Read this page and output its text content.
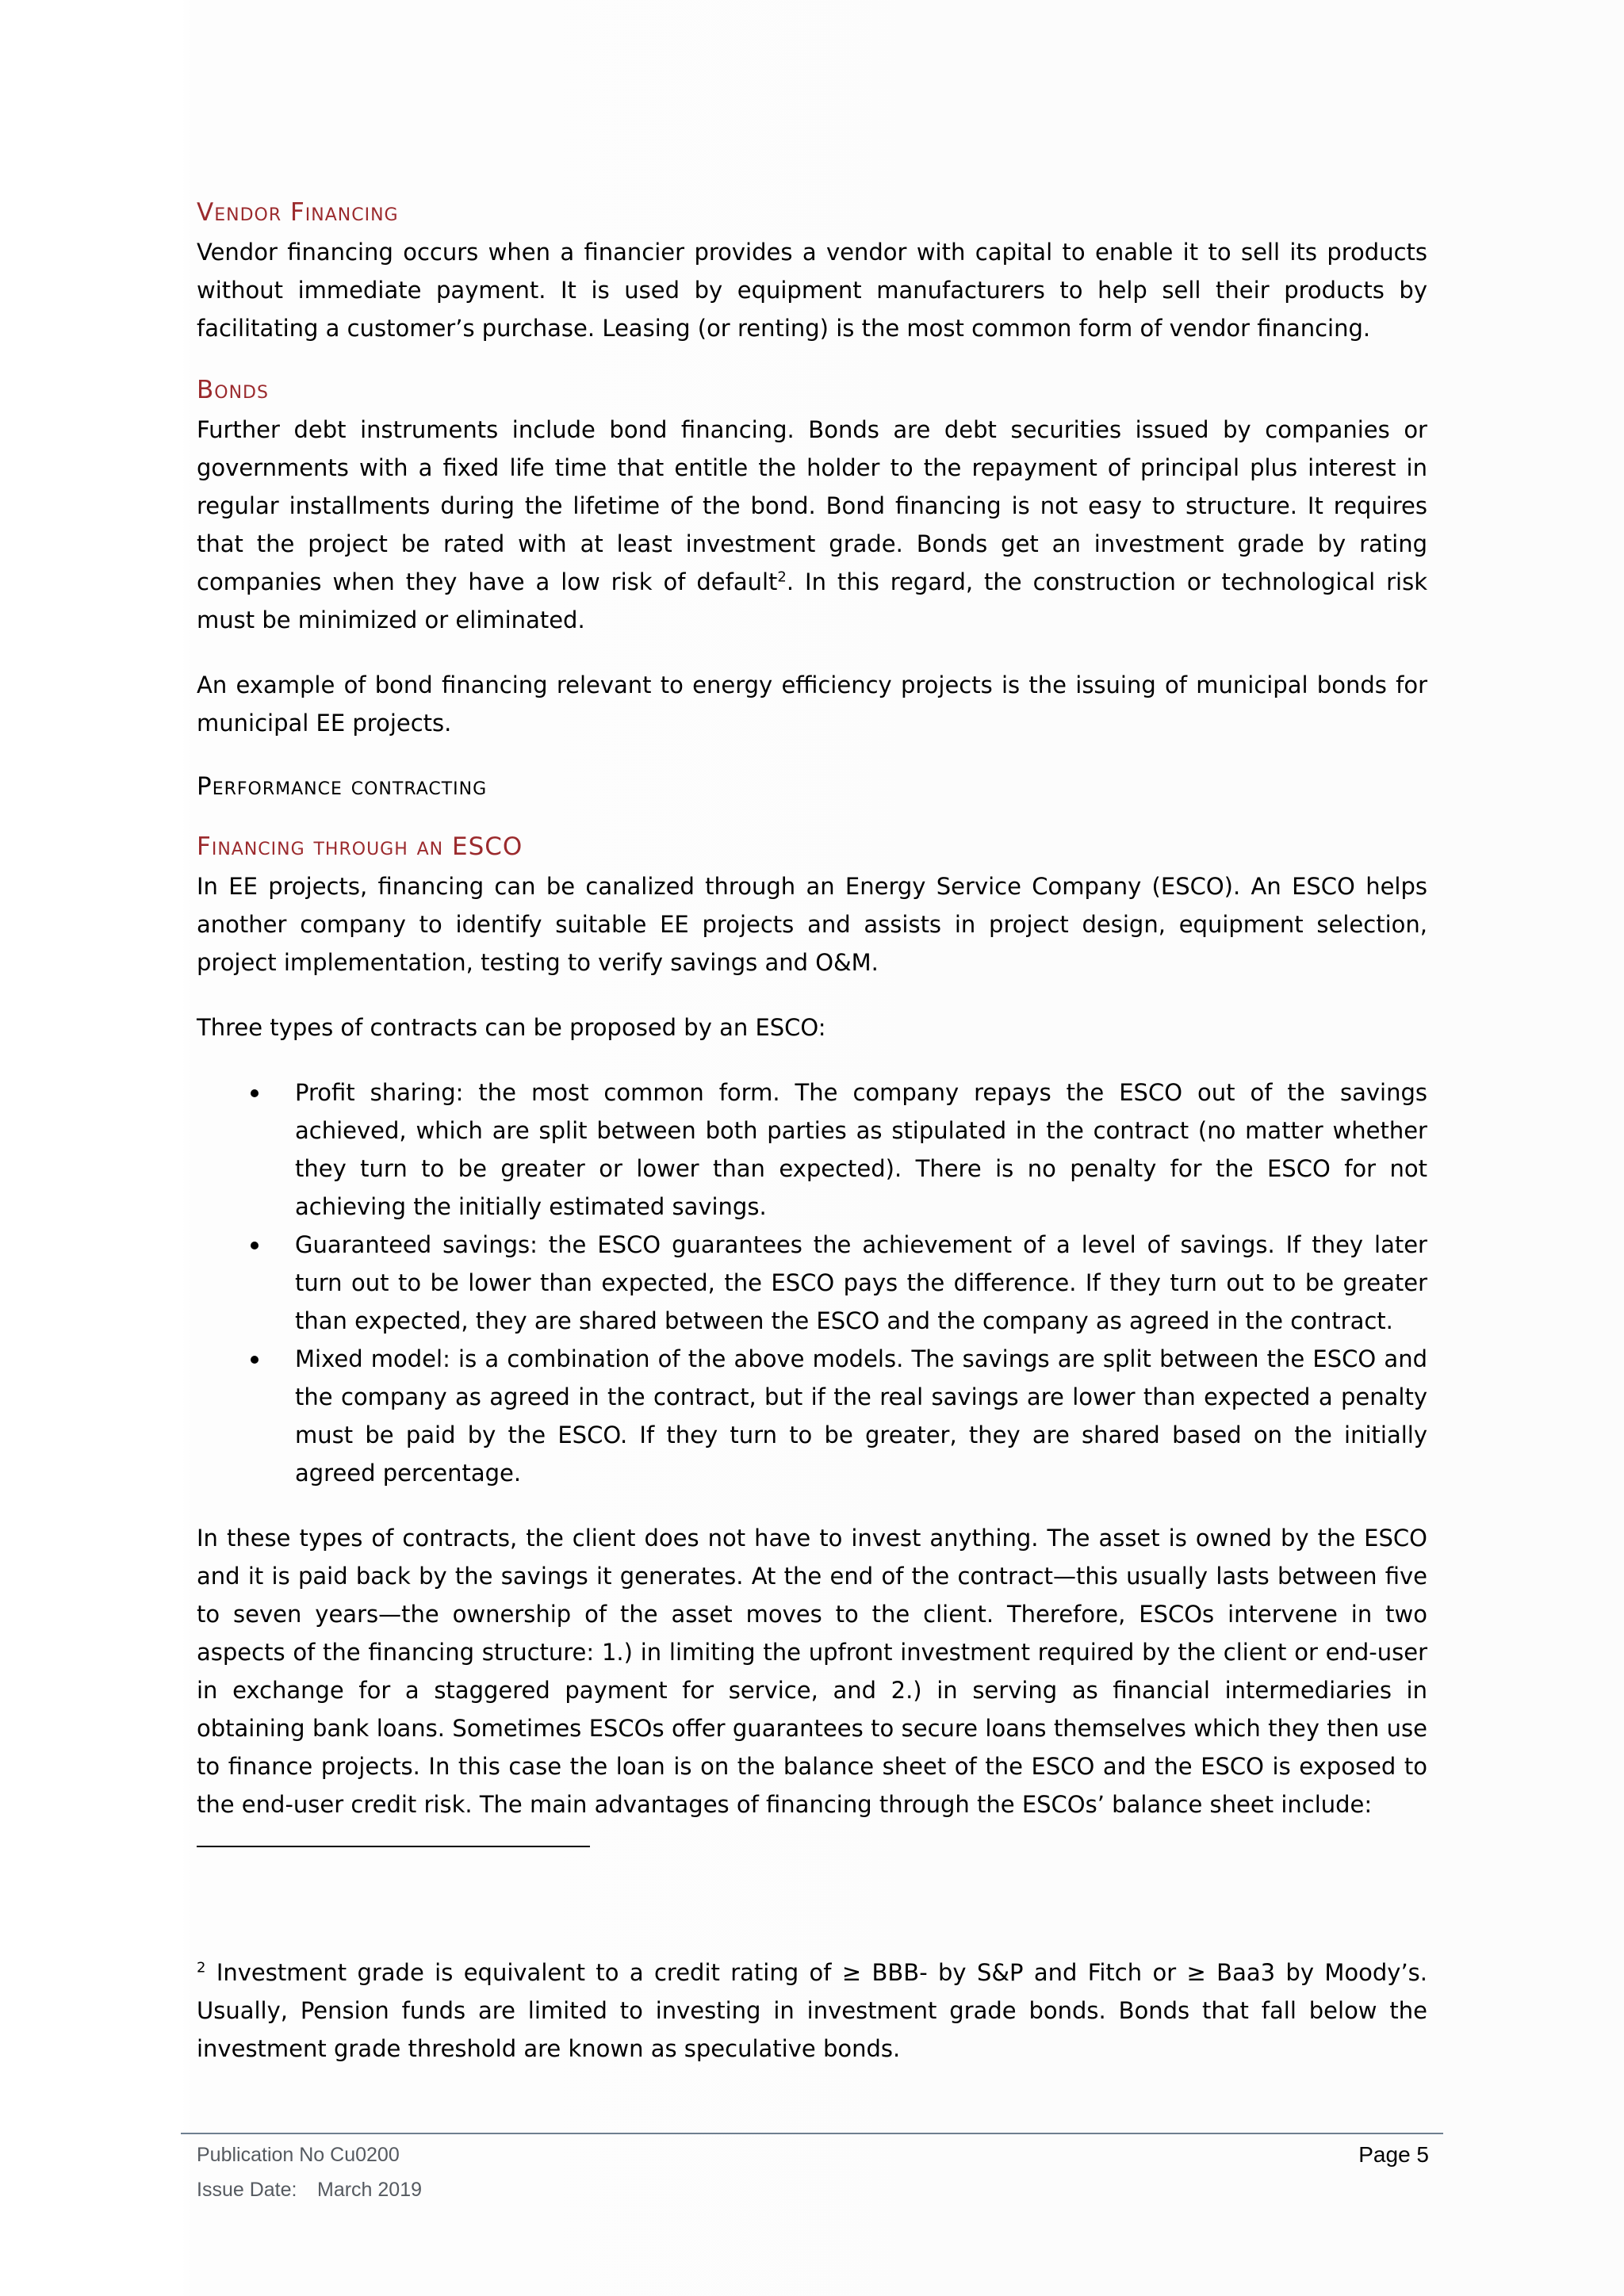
Vendor Financing

Vendor financing occurs when a financier provides a vendor with capital to enable it to sell its products without immediate payment. It is used by equipment manufacturers to help sell their products by facilitating a customer’s purchase. Leasing (or renting) is the most common form of vendor financing.

Bonds

Further debt instruments include bond financing. Bonds are debt securities issued by companies or governments with a fixed life time that entitle the holder to the repayment of principal plus interest in regular installments during the lifetime of the bond. Bond financing is not easy to structure. It requires that the project be rated with at least investment grade. Bonds get an investment grade by rating companies when they have a low risk of default$^2$. In this regard, the construction or technological risk must be minimized or eliminated.

An example of bond financing relevant to energy efficiency projects is the issuing of municipal bonds for municipal EE projects.

Performance contracting
Financing through an ESCO

In EE projects, financing can be canalized through an Energy Service Company (ESCO). An ESCO helps another company to identify suitable EE projects and assists in project design, equipment selection, project implementation, testing to verify savings and O&M.

Three types of contracts can be proposed by an ESCO:

Profit sharing: the most common form. The company repays the ESCO out of the savings achieved, which are split between both parties as stipulated in the contract (no matter whether they turn to be greater or lower than expected). There is no penalty for the ESCO for not achieving the initially estimated savings.
Guaranteed savings: the ESCO guarantees the achievement of a level of savings. If they later turn out to be lower than expected, the ESCO pays the difference. If they turn out to be greater than expected, they are shared between the ESCO and the company as agreed in the contract.
Mixed model: is a combination of the above models. The savings are split between the ESCO and the company as agreed in the contract, but if the real savings are lower than expected a penalty must be paid by the ESCO. If they turn to be greater, they are shared based on the initially agreed percentage.

In these types of contracts, the client does not have to invest anything. The asset is owned by the ESCO and it is paid back by the savings it generates. At the end of the contract—this usually lasts between five to seven years—the ownership of the asset moves to the client. Therefore, ESCOs intervene in two aspects of the financing structure: 1.) in limiting the upfront investment required by the client or end-user in exchange for a staggered payment for service, and 2.) in serving as financial intermediaries in obtaining bank loans. Sometimes ESCOs offer guarantees to secure loans themselves which they then use to finance projects. In this case the loan is on the balance sheet of the ESCO and the ESCO is exposed to the end-user credit risk. The main advantages of financing through the ESCOs’ balance sheet include:

$^2$ Investment grade is equivalent to a credit rating of ≥ BBB- by S&P and Fitch or ≥ Baa3 by Moody’s. Usually, Pension funds are limited to investing in investment grade bonds. Bonds that fall below the investment grade threshold are known as speculative bonds.

Publication No Cu0200	Page 5
Issue Date: March 2019
